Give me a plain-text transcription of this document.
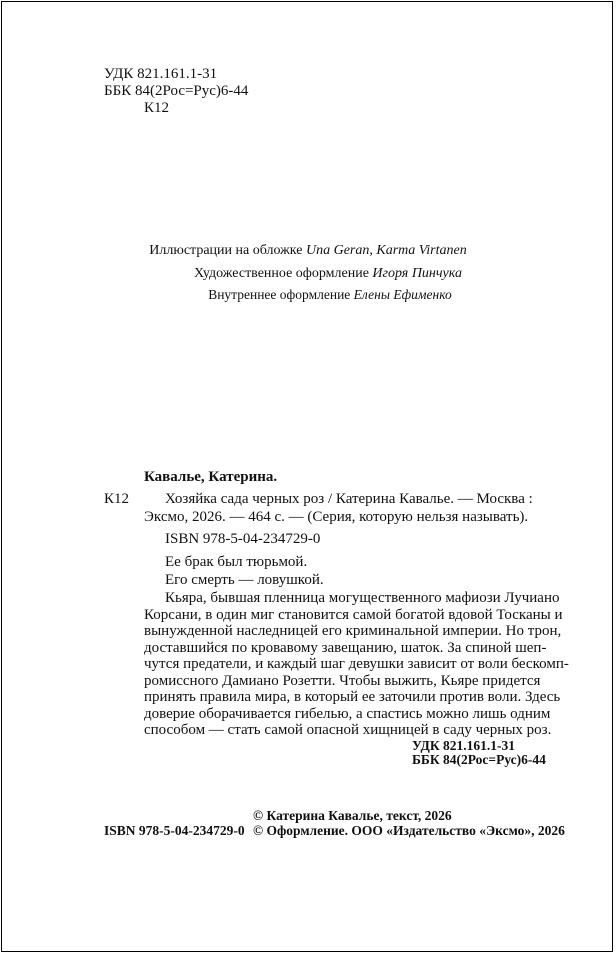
УДК 821.161.1-31
ББК 84(2Рос=Рус)6-44
К12
Иллюстрации на обложке Una Geran, Karma Virtanen
Художественное оформление Игоря Пинчука
Внутреннее оформление Елены Ефименко
Кавалье, Катерина.
К12 Хозяйка сада черных роз / Катерина Кавалье. — Москва :
Эксмо, 2026. — 464 с. — (Серия, которую нельзя называть).
ISBN 978-5-04-234729-0
Ее брак был тюрьмой.
Его смерть — ловушкой.
Кьяра, бывшая пленница могущественного мафиози Лучиано
Корсани, в один миг становится самой богатой вдовой Тосканы и
вынужденной наследницей его криминальной империи. Но трон,
доставшийся по кровавому завещанию, шаток. За спиной шеп-
чутся предатели, и каждый шаг девушки зависит от воли бескомп-
ромиссного Дамиано Розетти. Чтобы выжить, Кьяре придется
принять правила мира, в который ее заточили против воли. Здесь
доверие оборачивается гибелью, а спастись можно лишь одним
способом — стать самой опасной хищницей в саду черных роз.
УДК 821.161.1-31
ББК 84(2Рос=Рус)6-44
© Катерина Кавалье, текст, 2026
ISBN 978-5-04-234729-0 © Оформление. ООО «Издательство «Эксмо», 2026
